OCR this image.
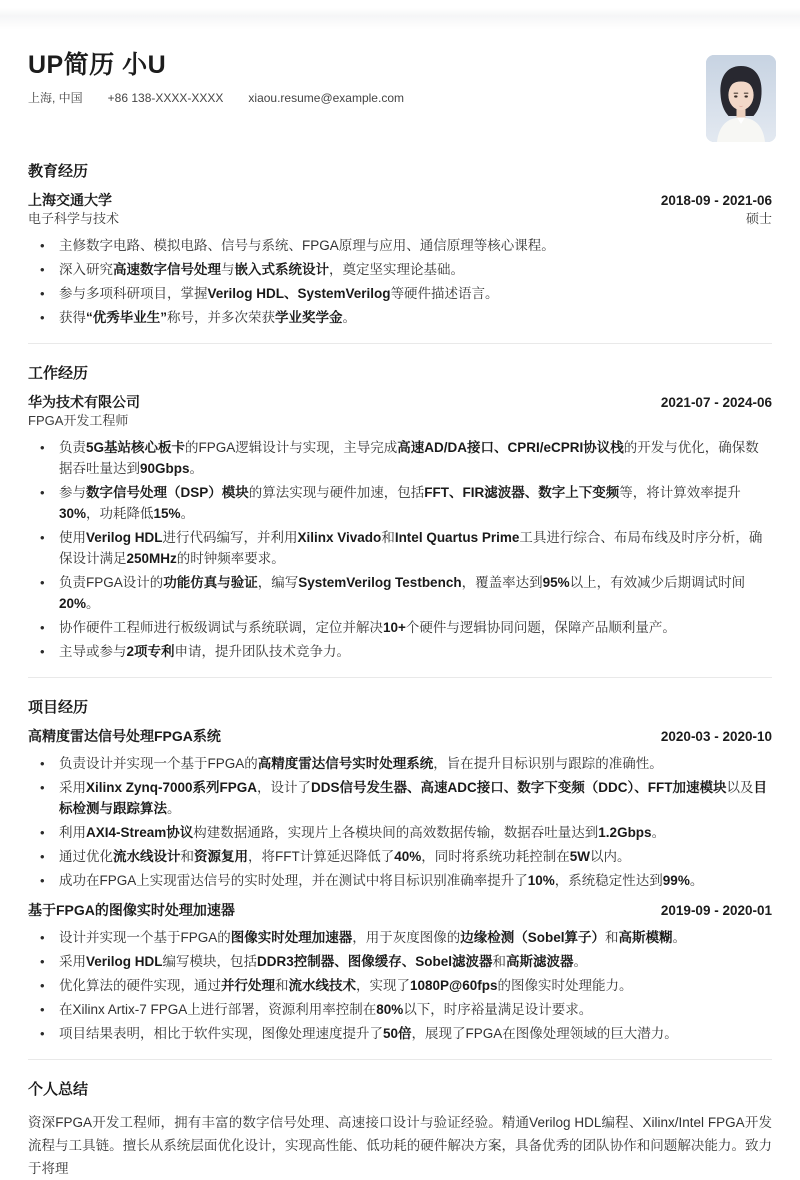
UP简历 小U
上海, 中国 +86 138-XXXX-XXXX xiaou.resume@example.com
教育经历
上海交通大学	2018-09 - 2021-06
电子科学与技术	硕士
• 主修数字电路、模拟电路、信号与系统、FPGA原理与应用、通信原理等核心课程。
• 深入研究高速数字信号处理与嵌入式系统设计，奠定坚实理论基础。
• 参与多项科研项目，掌握Verilog HDL、SystemVerilog等硬件描述语言。
• 获得“优秀毕业生”称号，并多次荣获学业奖学金。
工作经历
华为技术有限公司	2021-07 - 2024-06
FPGA开发工程师
• 负责5G基站核心板卡的FPGA逻辑设计与实现，主导完成高速AD/DA接口、CPRI/eCPRI协议栈的开发与优化，确保数据吞吐量达到90Gbps。
• 参与数字信号处理（DSP）模块的算法实现与硬件加速，包括FFT、FIR滤波器、数字上下变频等，将计算效率提升30%，功耗降低15%。
• 使用Verilog HDL进行代码编写，并利用Xilinx Vivado和Intel Quartus Prime工具进行综合、布局布线及时序分析，确保设计满足250MHz的时钟频率要求。
• 负责FPGA设计的功能仿真与验证，编写SystemVerilog Testbench，覆盖率达到95%以上，有效减少后期调试时间20%。
• 协作硬件工程师进行板级调试与系统联调，定位并解决10+个硬件与逻辑协同问题，保障产品顺利量产。
• 主导或参与2项专利申请，提升团队技术竞争力。
项目经历
高精度雷达信号处理FPGA系统	2020-03 - 2020-10
• 负责设计并实现一个基于FPGA的高精度雷达信号实时处理系统，旨在提升目标识别与跟踪的准确性。
• 采用Xilinx Zynq-7000系列FPGA，设计了DDS信号发生器、高速ADC接口、数字下变频（DDC）、FFT加速模块以及目标检测与跟踪算法。
• 利用AXI4-Stream协议构建数据通路，实现片上各模块间的高效数据传输，数据吞吐量达到1.2Gbps。
• 通过优化流水线设计和资源复用，将FFT计算延迟降低了40%，同时将系统功耗控制在5W以内。
• 成功在FPGA上实现雷达信号的实时处理，并在测试中将目标识别准确率提升了10%，系统稳定性达到99%。
基于FPGA的图像实时处理加速器	2019-09 - 2020-01
• 设计并实现一个基于FPGA的图像实时处理加速器，用于灰度图像的边缘检测（Sobel算子）和高斯模糊。
• 采用Verilog HDL编写模块，包括DDR3控制器、图像缓存、Sobel滤波器和高斯滤波器。
• 优化算法的硬件实现，通过并行处理和流水线技术，实现了1080P@60fps的图像实时处理能力。
• 在Xilinx Artix-7 FPGA上进行部署，资源利用率控制在80%以下，时序裕量满足设计要求。
• 项目结果表明，相比于软件实现，图像处理速度提升了50倍，展现了FPGA在图像处理领域的巨大潜力。
个人总结
资深FPGA开发工程师，拥有丰富的数字信号处理、高速接口设计与验证经验。精通Verilog HDL编程、Xilinx/Intel FPGA开发流程与工具链。擅长从系统层面优化设计，实现高性能、低功耗的硬件解决方案，具备优秀的团队协作和问题解决能力。致力于将理
